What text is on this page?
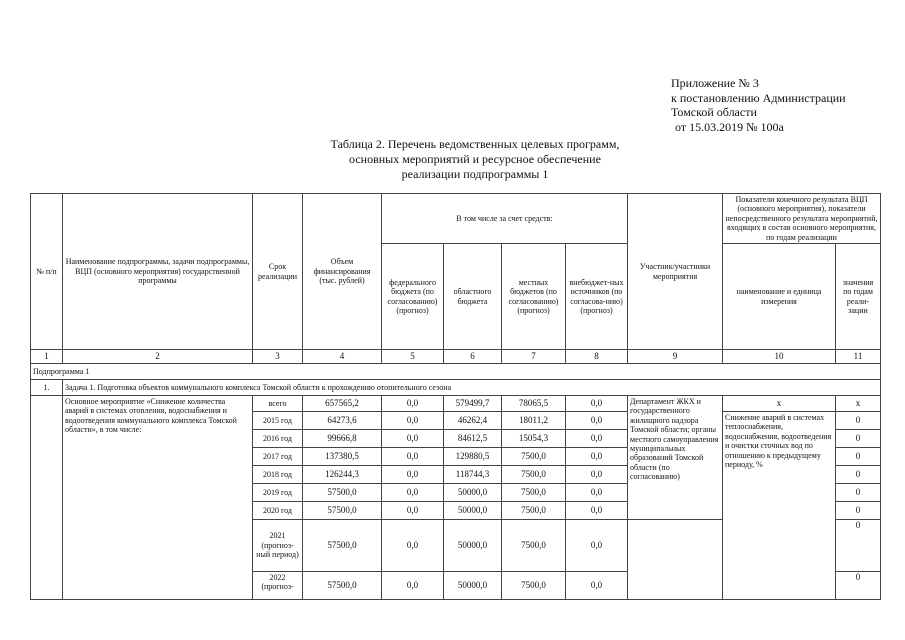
Приложение № 3
к постановлению Администрации
Томской области
от 15.03.2019 № 100а
Таблица 2. Перечень ведомственных целевых программ,
основных мероприятий и ресурсное обеспечение
реализации подпрограммы 1
№ п/п	Наименование подпрограммы, задачи подпрограммы, ВЦП (основного мероприятия) государственной программы	Срок реализации	Объем финансирования (тыс. рублей)	В том числе за счет средств:				Участник/участники мероприятия	Показатели конечного результата ВЦП (основного мероприятия), показатели непосредственного результата мероприятий, входящих в состав основного мероприятия, по годам реализации	
				федерального бюджета (по согласованию) (прогноз)	областного бюджета	местных бюджетов (по согласованию) (прогноз)	внебюджет-ных источников (по согласова-нию) (прогноз)		наименование и единица измерения	значения по годам реали-зации
1	2	3	4	5	6	7	8	9	10	11
Подпрограмма 1										
1.	Задача 1. Подготовка объектов коммунального комплекса Томской области к прохождению отопительного сезона									
	Основное мероприятие «Снижение количества аварий в системах отопления, водоснабжения и водоотведения коммунального комплекса Томской области», в том числе:	всего	657565,2	0,0	579499,7	78065,5	0,0	Департамент ЖКХ и государственного жилищного надзора Томской области; органы местного самоуправления муниципальных образований Томской области (по согласованию)	x	x
		2015 год	64273,6	0,0	46262,4	18011,2	0,0		Снижение аварий в системах теплоснабжения, водоснабжения, водоотведения и очистки сточных вод по отношению к предыдущему периоду, %	0
		2016 год	99666,8	0,0	84612,5	15054,3	0,0			0
		2017 год	137380,5	0,0	129880,5	7500,0	0,0			0
		2018 год	126244,3	0,0	118744,3	7500,0	0,0			0
		2019 год	57500,0	0,0	50000,0	7500,0	0,0			0
		2020 год	57500,0	0,0	50000,0	7500,0	0,0			0
		2021 (прогноз-ный период)	57500,0	0,0	50000,0	7500,0	0,0			0
		2022 (прогноз-	57500,0	0,0	50000,0	7500,0	0,0			0
